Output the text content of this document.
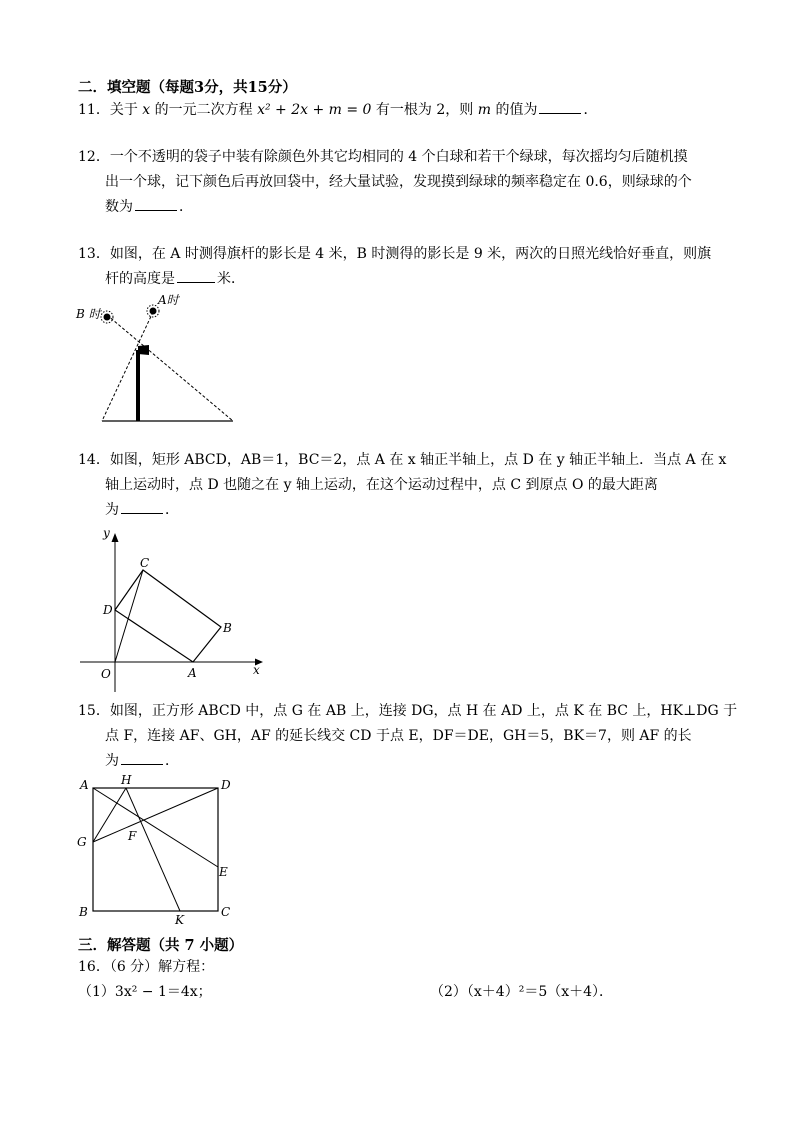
二．填空题（每题3分，共15分）
11．关于 x 的一元二次方程 x² + 2x + m = 0 有一根为 2，则 m 的值为	．
12．一个不透明的袋子中装有除颜色外其它均相同的 4 个白球和若干个绿球，每次摇均匀后随机摸
出一个球，记下颜色后再放回袋中，经大量试验，发现摸到绿球的频率稳定在 0.6，则绿球的个
数为	．
13．如图，在 A 时测得旗杆的影长是 4 米，B 时测得的影长是 9 米，两次的日照光线恰好垂直，则旗
杆的高度是	米．
B 时
A时
14．如图，矩形 ABCD，AB＝1，BC＝2，点 A 在 x 轴正半轴上，点 D 在 y 轴正半轴上．当点 A 在 x
轴上运动时，点 D 也随之在 y 轴上运动，在这个运动过程中，点 C 到原点 O 的最大距离
为	．
y
x
O	A
B
C
D
15．如图，正方形 ABCD 中，点 G 在 AB 上，连接 DG，点 H 在 AD 上，点 K 在 BC 上，HK⊥DG 于
点 F，连接 AF、GH，AF 的延长线交 CD 于点 E，DF＝DE，GH＝5，BK＝7，则 AF 的长
为	．
A	H	D
G	F
E
B
K
C
三．解答题（共 7 小题）
16．（6 分）解方程：
（1）3x² − 1＝4x；	（2）（x＋4）²＝5（x＋4）．
